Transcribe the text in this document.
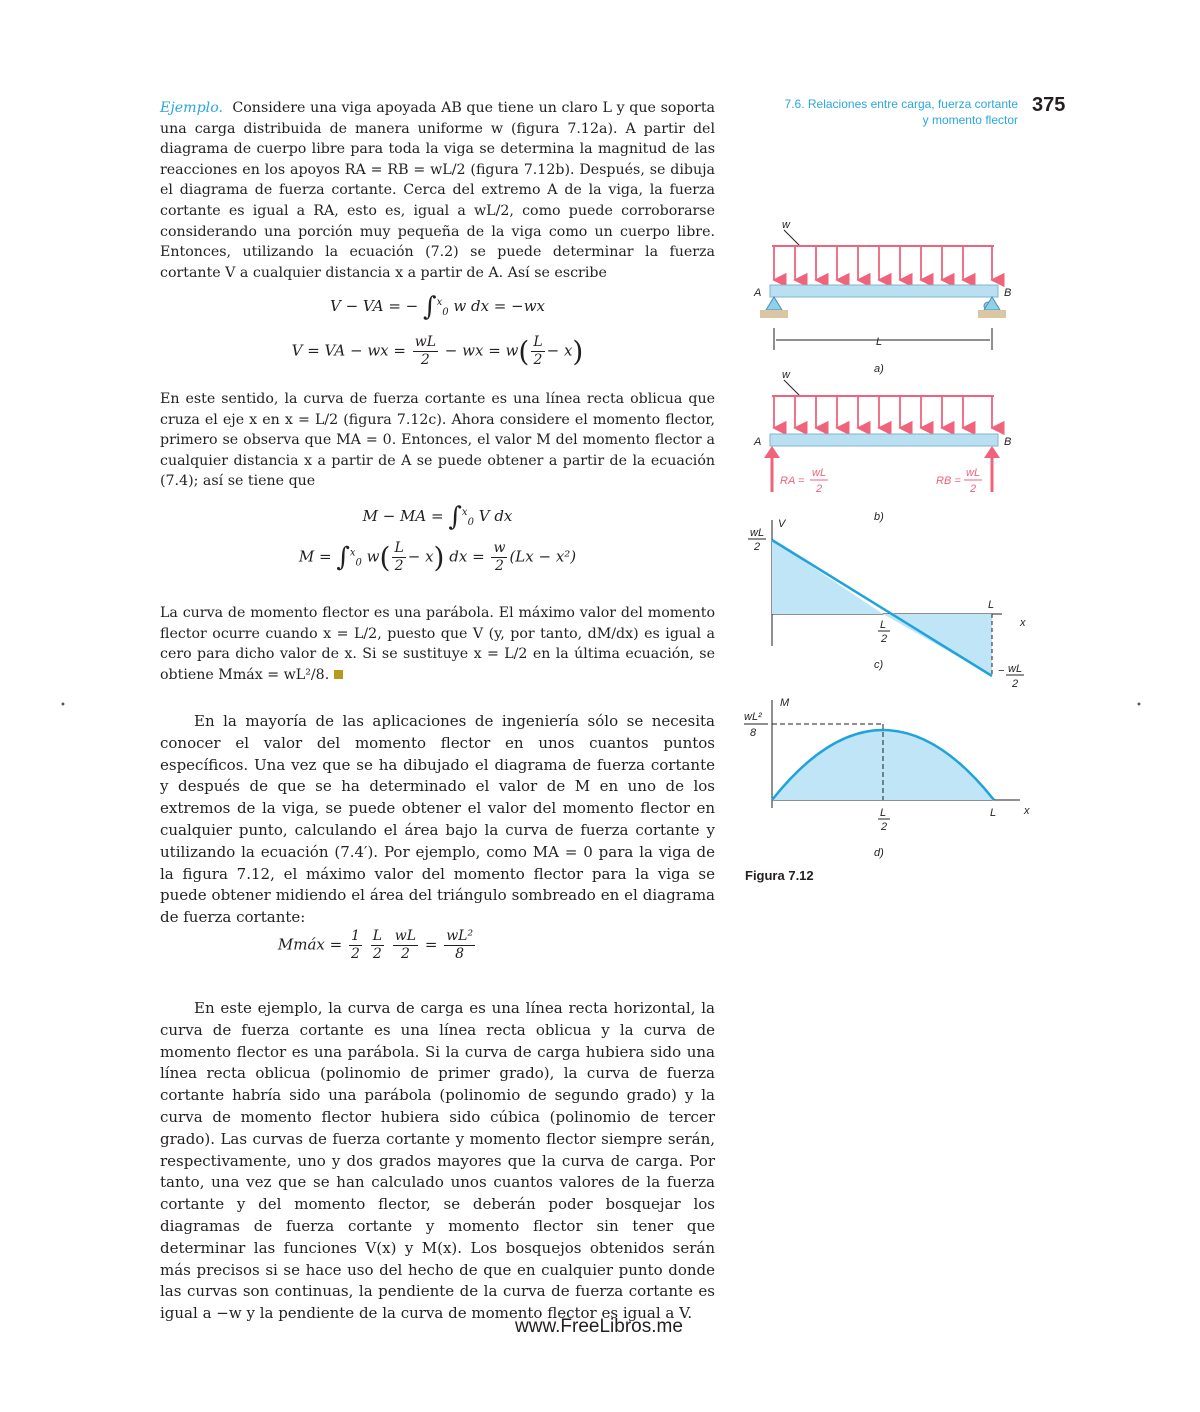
7.6. Relaciones entre carga, fuerza cortante
y momento flector
375

Ejemplo. Considere una viga apoyada AB que tiene un claro L y que soporta una carga distribuida de manera uniforme w (figura 7.12a). A partir del diagrama de cuerpo libre para toda la viga se determina la magnitud de las reacciones en los apoyos RA = RB = wL/2 (figura 7.12b). Después, se dibuja el diagrama de fuerza cortante. Cerca del extremo A de la viga, la fuerza cortante es igual a RA, esto es, igual a wL/2, como puede corroborarse considerando una porción muy pequeña de la viga como un cuerpo libre. Entonces, utilizando la ecuación (7.2) se puede determinar la fuerza cortante V a cualquier distancia x a partir de A. Así se escribe

V − VA = − ∫$^x_0$ w dx = −wx
V = VA − wx = $\frac{wL}{2}$ − wx = $w( \frac{L}{2} - x)$

En este sentido, la curva de fuerza cortante es una línea recta oblicua que cruza el eje x en x = L/2 (figura 7.12c). Ahora considere el momento flector, primero se observa que MA = 0. Entonces, el valor M del momento flector a cualquier distancia x a partir de A se puede obtener a partir de la ecuación (7.4); así se tiene que

M − MA = ∫$^x_0$ V dx
M = ∫$^x_0$ $w( \frac{L}{2} - x)$ dx = $\frac{w}{2} (Lx - x^2)$

La curva de momento flector es una parábola. El máximo valor del momento flector ocurre cuando x = L/2, puesto que V (y, por tanto, dM/dx) es igual a cero para dicho valor de x. Si se sustituye x = L/2 en la última ecuación, se obtiene Mmáx = wL²/8.

•	•

En la mayoría de las aplicaciones de ingeniería sólo se necesita conocer el valor del momento flector en unos cuantos puntos específicos. Una vez que se ha dibujado el diagrama de fuerza cortante y después de que se ha determinado el valor de M en uno de los extremos de la viga, se puede obtener el valor del momento flector en cualquier punto, calculando el área bajo la curva de fuerza cortante y utilizando la ecuación (7.4′). Por ejemplo, como MA = 0 para la viga de la figura 7.12, el máximo valor del momento flector para la viga se puede obtener midiendo el área del triángulo sombreado en el diagrama de fuerza cortante:

Mmáx = $\frac{1}{2}$
$\frac{L}{2}$
$\frac{wL}{2} = \frac{\text{wL²}}{8}$

En este ejemplo, la curva de carga es una línea recta horizontal, la curva de fuerza cortante es una línea recta oblicua y la curva de momento flector es una parábola. Si la curva de carga hubiera sido una línea recta oblicua (polinomio de primer grado), la curva de fuerza cortante habría sido una parábola (polinomio de segundo grado) y la curva de momento flector hubiera sido cúbica (polinomio de tercer grado). Las curvas de fuerza cortante y momento flector siempre serán, respectivamente, uno y dos grados mayores que la curva de carga. Por tanto, una vez que se han calculado unos cuantos valores de la fuerza cortante y del momento flector, se deberán poder bosquejar los diagramas de fuerza cortante y momento flector sin tener que determinar las funciones V(x) y M(x). Los bosquejos obtenidos serán más precisos si se hace uso del hecho de que en cualquier punto donde las curvas son continuas, la pendiente de la curva de fuerza cortante es igual a −w y la pendiente de la curva de momento flector es igual a V.

w
A	B
L
a)
w
A	B
RA =
wL
2
RB =
wL
2
b)
V
L
x
wL
2
L
2
− wL
2
c)
M
wL²
8
L
2
L	x
d)
Figura 7.12
www.FreeLibros.me
